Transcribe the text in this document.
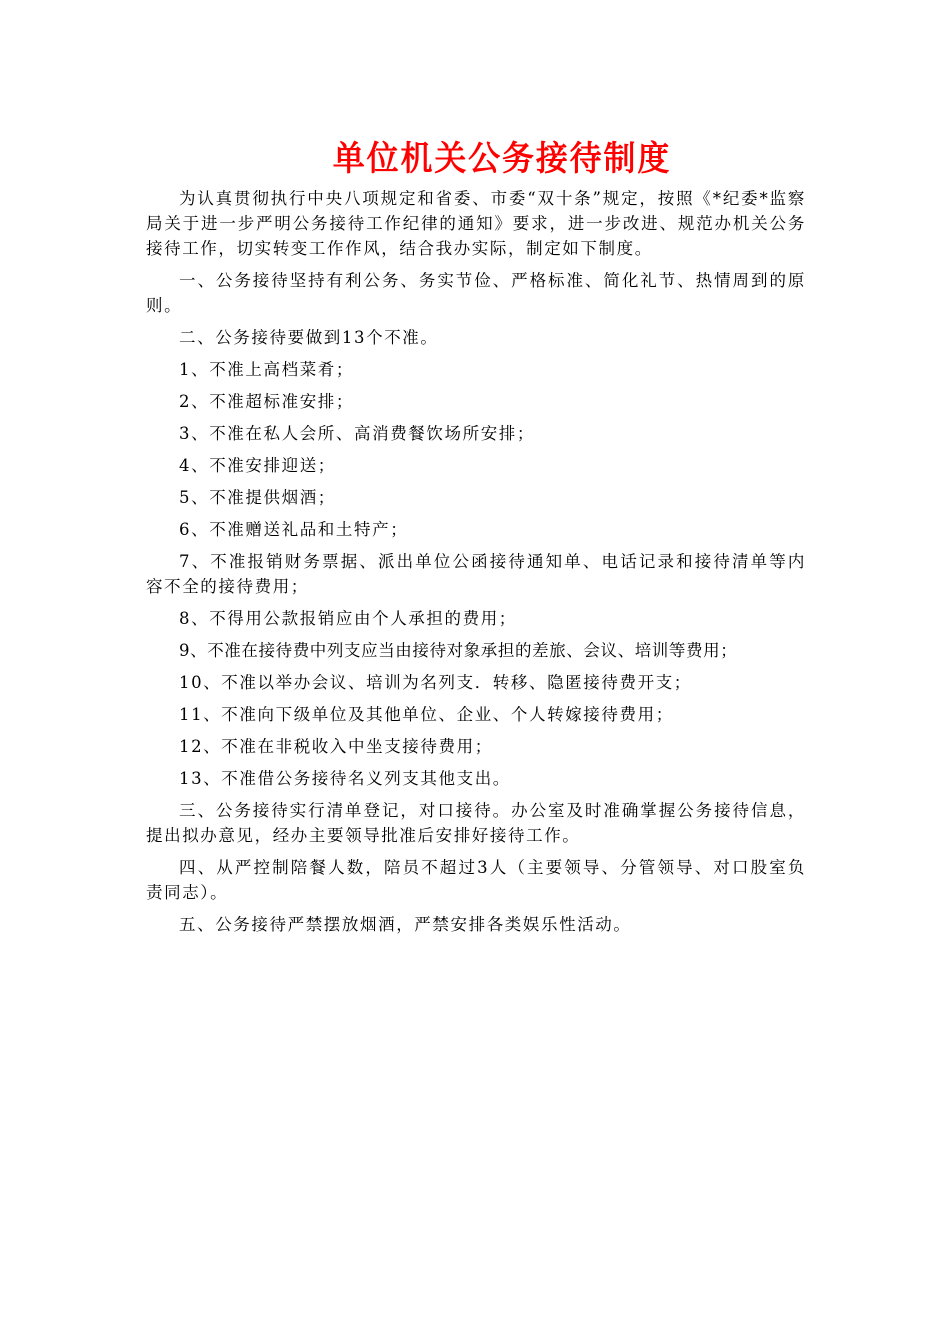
单位机关公务接待制度

为认真贯彻执行中央八项规定和省委、市委“双十条”规定，按照《*纪委*监察局关于进一步严明公务接待工作纪律的通知》要求，进一步改进、规范办机关公务接待工作，切实转变工作作风，结合我办实际，制定如下制度。

一、公务接待坚持有利公务、务实节俭、严格标准、简化礼节、热情周到的原则。

二、公务接待要做到13个不准。

1、不准上高档菜肴；

2、不准超标准安排；

3、不准在私人会所、高消费餐饮场所安排；

4、不准安排迎送；

5、不准提供烟酒；

6、不准赠送礼品和土特产；

7、不准报销财务票据、派出单位公函接待通知单、电话记录和接待清单等内容不全的接待费用；

8、不得用公款报销应由个人承担的费用；

9、不准在接待费中列支应当由接待对象承担的差旅、会议、培训等费用；

10、不准以举办会议、培训为名列支．转移、隐匿接待费开支；

11、不准向下级单位及其他单位、企业、个人转嫁接待费用；

12、不准在非税收入中坐支接待费用；

13、不准借公务接待名义列支其他支出。

三、公务接待实行清单登记，对口接待。办公室及时准确掌握公务接待信息，提出拟办意见，经办主要领导批准后安排好接待工作。

四、从严控制陪餐人数，陪员不超过3人（主要领导、分管领导、对口股室负责同志）。

五、公务接待严禁摆放烟酒，严禁安排各类娱乐性活动。
